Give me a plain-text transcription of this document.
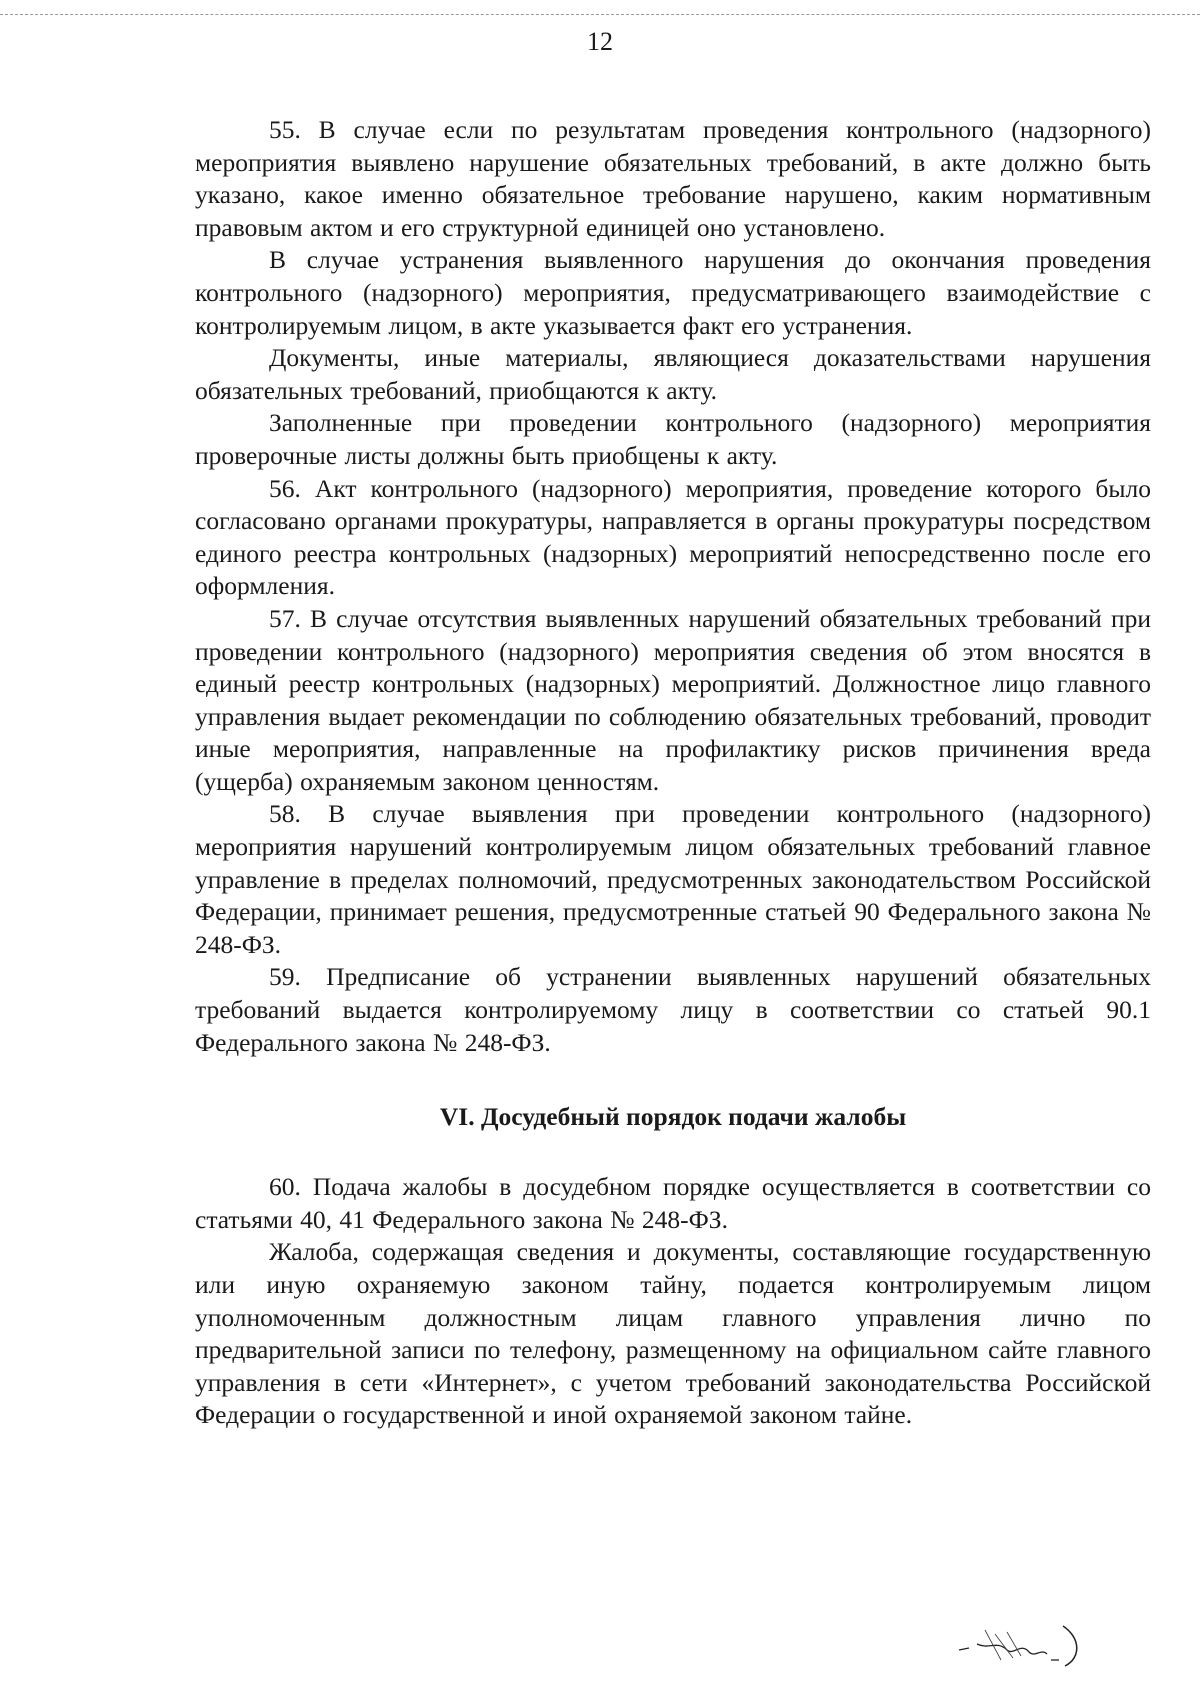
12

55. В случае если по результатам проведения контрольного (надзорного) мероприятия выявлено нарушение обязательных требований, в акте должно быть указано, какое именно обязательное требование нарушено, каким нормативным правовым актом и его структурной единицей оно установлено.

В случае устранения выявленного нарушения до окончания проведения контрольного (надзорного) мероприятия, предусматривающего взаимодействие с контролируемым лицом, в акте указывается факт его устранения.

Документы, иные материалы, являющиеся доказательствами нарушения обязательных требований, приобщаются к акту.

Заполненные при проведении контрольного (надзорного) мероприятия проверочные листы должны быть приобщены к акту.

56. Акт контрольного (надзорного) мероприятия, проведение которого было согласовано органами прокуратуры, направляется в органы прокуратуры посредством единого реестра контрольных (надзорных) мероприятий непосредственно после его оформления.

57. В случае отсутствия выявленных нарушений обязательных требований при проведении контрольного (надзорного) мероприятия сведения об этом вносятся в единый реестр контрольных (надзорных) мероприятий. Должностное лицо главного управления выдает рекомендации по соблюдению обязательных требований, проводит иные мероприятия, направленные на профилактику рисков причинения вреда (ущерба) охраняемым законом ценностям.

58. В случае выявления при проведении контрольного (надзорного) мероприятия нарушений контролируемым лицом обязательных требований главное управление в пределах полномочий, предусмотренных законодательством Российской Федерации, принимает решения, предусмотренные статьей 90 Федерального закона № 248-ФЗ.

59. Предписание об устранении выявленных нарушений обязательных требований выдается контролируемому лицу в соответствии со статьей 90.1 Федерального закона № 248-ФЗ.

VI. Досудебный порядок подачи жалобы

60. Подача жалобы в досудебном порядке осуществляется в соответствии со статьями 40, 41 Федерального закона № 248-ФЗ.

Жалоба, содержащая сведения и документы, составляющие государственную или иную охраняемую законом тайну, подается контролируемым лицом уполномоченным должностным лицам главного управления лично по предварительной записи по телефону, размещенному на официальном сайте главного управления в сети «Интернет», с учетом требований законодательства Российской Федерации о государственной и иной охраняемой законом тайне.
